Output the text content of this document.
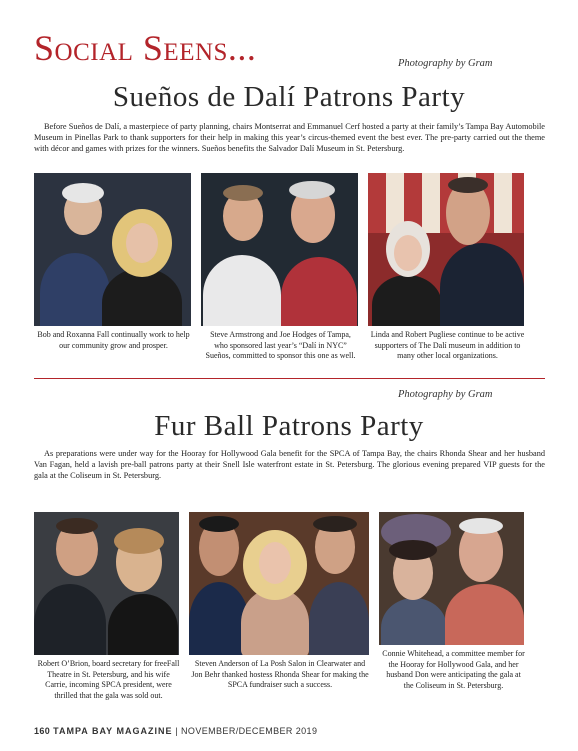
Social Seens...	Photography by Gram
Sueños de Dalí Patrons Party
Before Sueños de Dalí, a masterpiece of party planning, chairs Montserrat and Emmanuel Cerf hosted a party at their family’s Tampa Bay Automobile Museum in Pinellas Park to thank supporters for their help in making this year’s circus-themed event the best ever. The pre-party carried out the theme with décor and games with prizes for the winners. Sueños benefits the Salvador Dalí Museum in St. Petersburg.
Bob and Roxanna Fall continually work to help our community grow and prosper.
Steve Armstrong and Joe Hodges of Tampa, who sponsored last year’s “Dalí in NYC” Sueños, committed to sponsor this one as well.
Linda and Robert Pugliese continue to be active supporters of The Dalí museum in addition to many other local organizations.
Photography by Gram
Fur Ball Patrons Party
As preparations were under way for the Hooray for Hollywood Gala benefit for the SPCA of Tampa Bay, the chairs Rhonda Shear and her husband Van Fagan, held a lavish pre-ball patrons party at their Snell Isle waterfront estate in St. Petersburg. The glorious evening prepared VIP guests for the gala at the Coliseum in St. Petersburg.
Robert O’Brion, board secretary for freeFall Theatre in St. Petersburg, and his wife Carrie, incoming SPCA president, were thrilled that the gala was sold out.
Steven Anderson of La Posh Salon in Clearwater and Jon Behr thanked hostess Rhonda Shear for making the SPCA fundraiser such a success.
Connie Whitehead, a committee member for the Hooray for Hollywood Gala, and her husband Don were anticipating the gala at the Coliseum in St. Petersburg.
160 TAMPA BAY MAGAZINE | NOVEMBER/DECEMBER 2019
